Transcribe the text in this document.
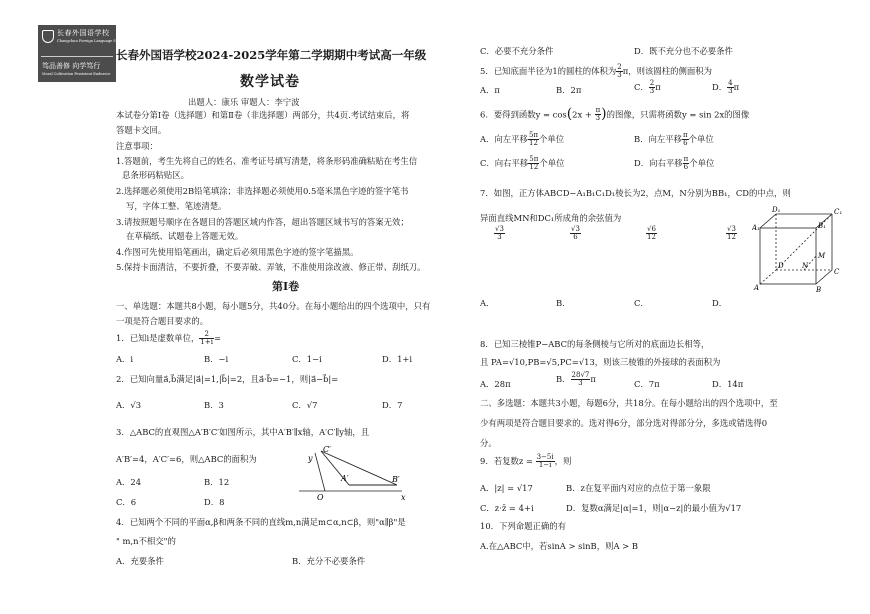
长春外国语学校
Changchun Foreign Language School
笃品善修 向学笃行
Moral Cultivation Persistent Endeavor
长春外国语学校2024-2025学年第二学期期中考试高一年级
数学试卷
出题人：康乐 审题人：李宁波
本试卷分第Ⅰ卷（选择题）和第Ⅱ卷（非选择题）两部分，共4页.考试结束后，将
答题卡交回。
注意事项：
1.答题前，考生先将自己的姓名、准考证号填写清楚，将条形码准确粘贴在考生信
息条形码粘贴区。
2.选择题必须使用2B铅笔填涂；非选择题必须使用0.5毫米黑色字迹的签字笔书
写，字体工整、笔迹清楚。
3.请按照题号顺序在各题目的答题区域内作答，超出答题区域书写的答案无效；
在草稿纸、试题卷上答题无效。
4.作图可先使用铅笔画出，确定后必须用黑色字迹的签字笔描黑。
5.保持卡面清洁，不要折叠，不要弄破、弄皱，不准使用涂改液、修正带、刮纸刀。
第Ⅰ卷
一、单选题：本题共8小题，每小题5分，共40分。在每小题给出的四个选项中，只有
一项是符合题目要求的。
1．已知i是虚数单位， $\frac{2}{1+i}$ =
A．i	B．−i	C．1−i	D．1+i
2．已知向量a⃗,b⃗满足|a⃗|=1,|b⃗|=2，且a⃗·b⃗=−1，则|a⃗−b⃗|=
A．√3	B．3	C．√7	D．7
3．△ABC的直观图△A′B′C′如图所示，其中A′B′∥x轴，A′C′∥y轴，且
A′B′=4，A′C′=6，则△ABC的面积为
A．24	B．12
C．6	D．8
y
x
O
A′	B′
C′
4．已知两个不同的平面α,β和两条不同的直线m,n满足m⊂α,n⊂β，则"α∥β"是
" m,n不相交"的
A．充要条件	B．充分不必要条件
C．必要不充分条件	D．既不充分也不必要条件
5．已知底面半径为1的圆柱的体积为 $\frac{2}{3}$ π，则该圆柱的侧面积为
A．π	B．2π	C． $\frac{2}{3}$ π	D． $\frac{4}{3}$ π
6．要得到函数$y = \cos(2x + \frac{\pi}{3}$ )的图像，只需将函数y = sin 2x的图像
A．向左平移 $\frac{5\pi}{12}$ 个单位	B．向左平移 $\frac{\pi}{6}$ 个单位
C．向右平移 $\frac{5\pi}{12}$ 个单位	D．向右平移 $\frac{\pi}{6}$ 个单位
7．如图，正方体ABCD−A₁B₁C₁D₁棱长为2，点M，N分别为BB₁，CD的中点，则
异面直线MN和DC₁所成角的余弦值为
$\frac{√3}{3}$	$\frac{√3}{6}$	$\frac{√6}{12}$	$\frac{√3}{12}$
A．	B．	C．	D．
D₁	C₁
A₁	B₁
M
D	N
C
A	B
8．已知三棱锥P−ABC的每条侧棱与它所对的底面边长相等，
且 PA=√10,PB=√5,PC=√13，则该三棱锥的外接球的表面积为
A．28π	B． $\frac{28√7}{3}$ π	C．7π	D．14π
二、多选题：本题共3小题，每题6分，共18分。在每小题给出的四个选项中，至
少有两项是符合题目要求的。选对得6分，部分选对得部分分，多选或错选得0
分。
9．若复数$z = \frac{3-5i}{1-i}$ ，则
A．|z| = √17	B．z在复平面内对应的点位于第一象限
C．z·z̄ = 4+i	D．复数α满足|α|=1，则|α−z|的最小值为√17
10．下列命题正确的有
A.在△ABC中，若sinA > sinB，则A > B
